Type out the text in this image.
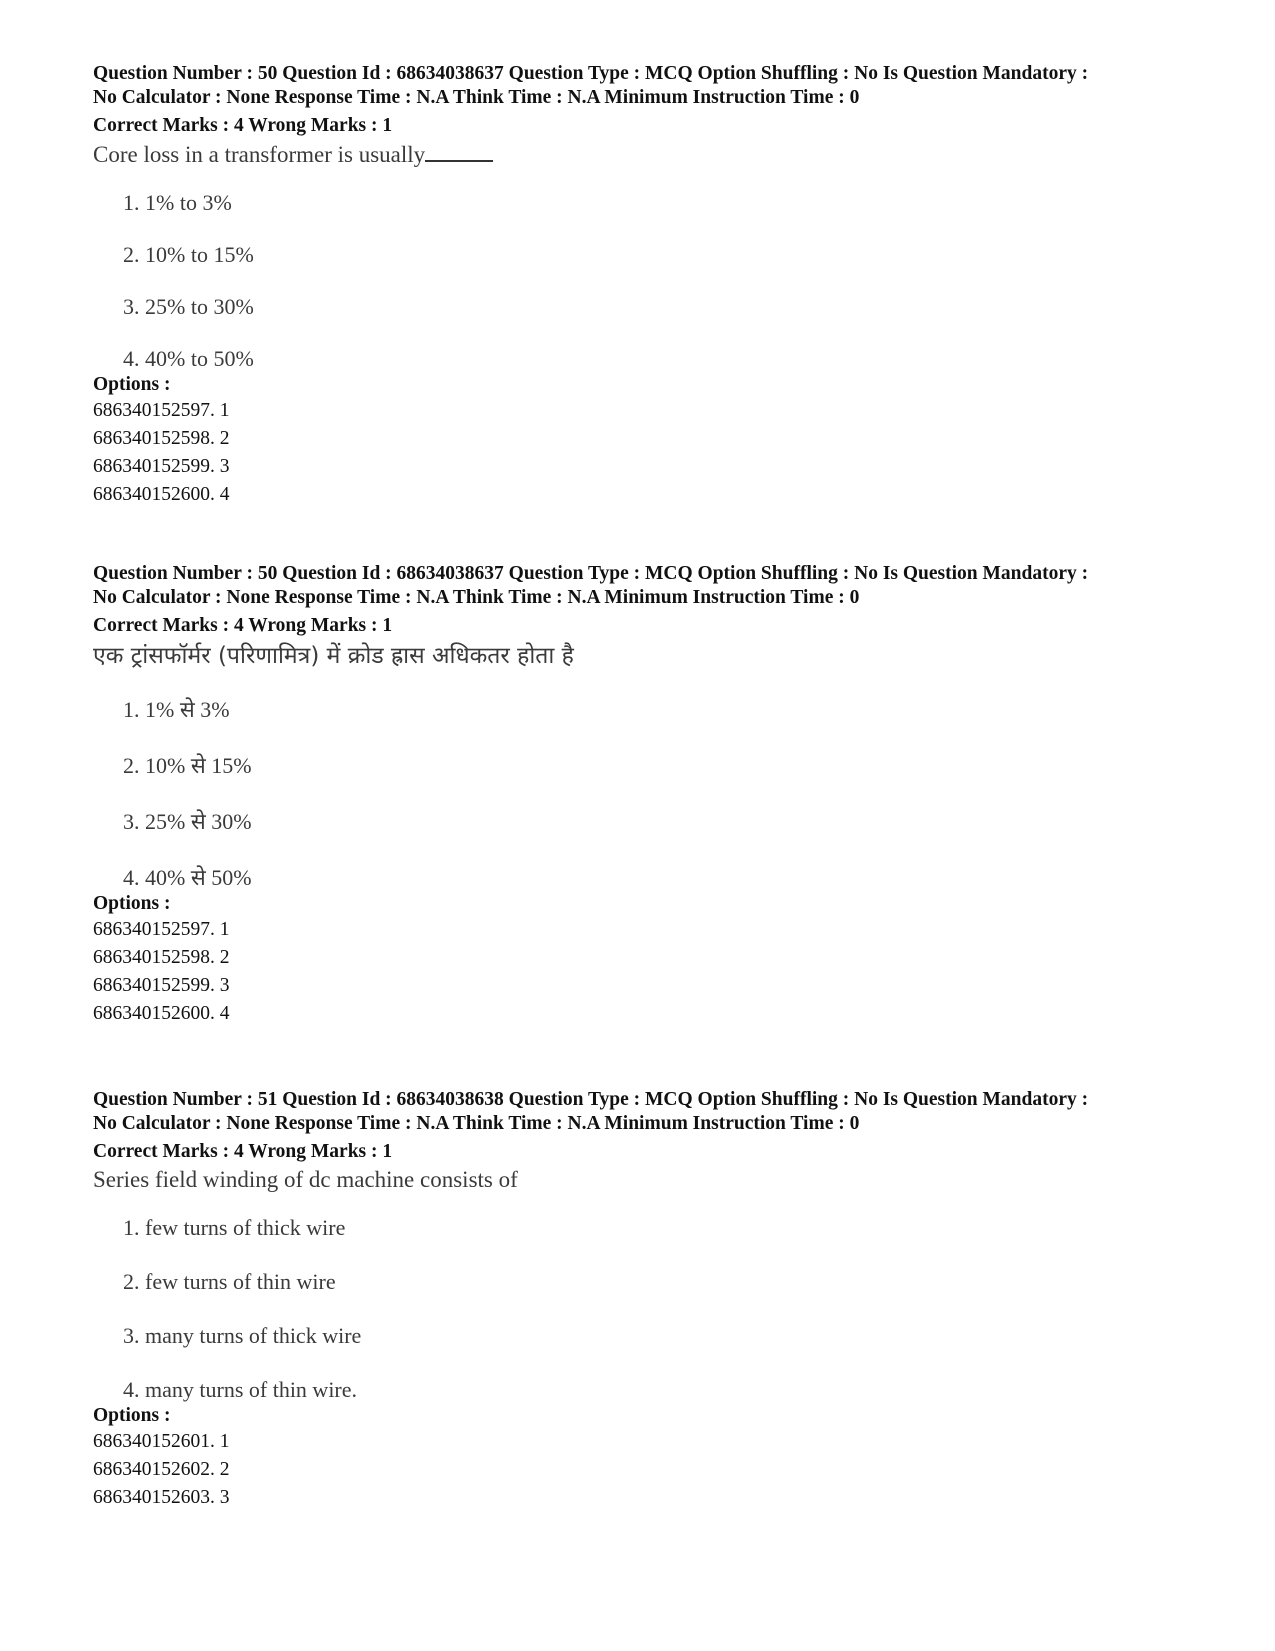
Question Number : 50 Question Id : 68634038637 Question Type : MCQ Option Shuffling : No Is Question Mandatory :

No Calculator : None Response Time : N.A Think Time : N.A Minimum Instruction Time : 0

Correct Marks : 4 Wrong Marks : 1
Core loss in a transformer is usually
1. 1% to 3%
2. 10% to 15%
3. 25% to 30%
4. 40% to 50%
Options :
686340152597. 1
686340152598. 2
686340152599. 3
686340152600. 4

Question Number : 50 Question Id : 68634038637 Question Type : MCQ Option Shuffling : No Is Question Mandatory :

No Calculator : None Response Time : N.A Think Time : N.A Minimum Instruction Time : 0

Correct Marks : 4 Wrong Marks : 1
एक ट्रांसफॉर्मर (परिणामित्र) में क्रोड ह्रास अधिकतर होता है
1. 1% से 3%
2. 10% से 15%
3. 25% से 30%
4. 40% से 50%
Options :
686340152597. 1
686340152598. 2
686340152599. 3
686340152600. 4

Question Number : 51 Question Id : 68634038638 Question Type : MCQ Option Shuffling : No Is Question Mandatory :

No Calculator : None Response Time : N.A Think Time : N.A Minimum Instruction Time : 0

Correct Marks : 4 Wrong Marks : 1
Series field winding of dc machine consists of
1. few turns of thick wire
2. few turns of thin wire
3. many turns of thick wire
4. many turns of thin wire.
Options :
686340152601. 1
686340152602. 2
686340152603. 3
